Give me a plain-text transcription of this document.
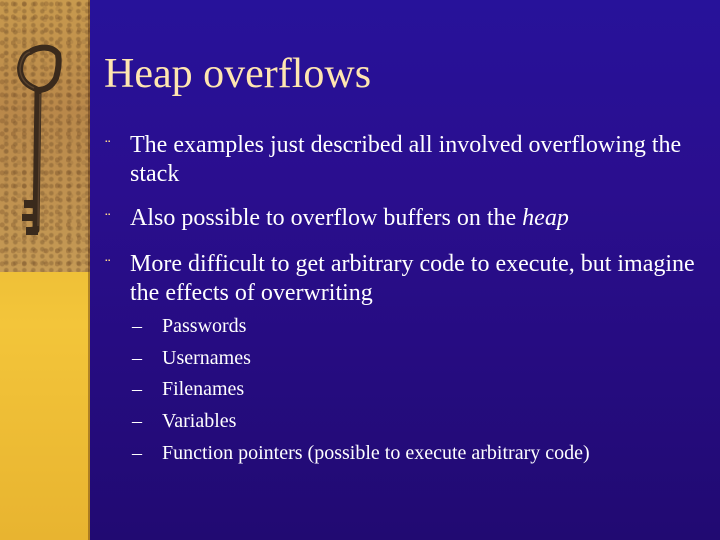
Heap overflows
¨ The examples just described all involved overflowing the stack
¨ Also possible to overflow buffers on the heap
¨ More difficult to get arbitrary code to execute, but imagine the effects of overwriting
–	Passwords
–	Usernames
–	Filenames
–	Variables
–	Function pointers (possible to execute arbitrary code)
